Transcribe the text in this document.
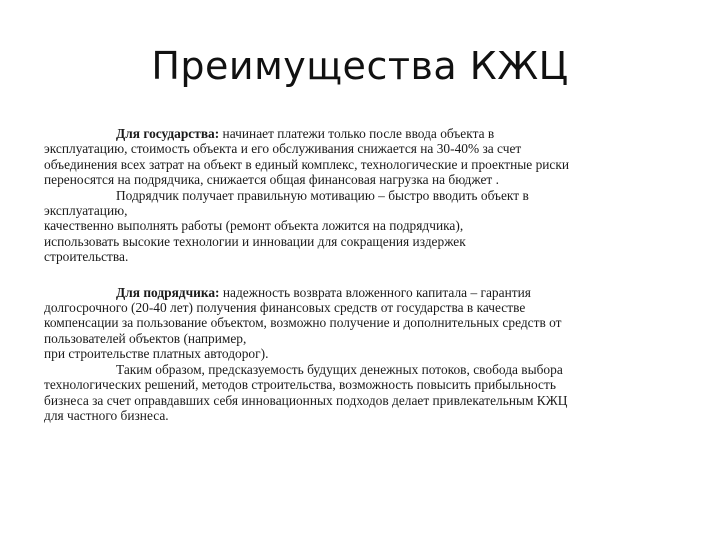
Преимущества КЖЦ
Для государства: начинает платежи только после ввода объекта в
эксплуатацию, стоимость объекта и его обслуживания снижается на 30-40% за счет
объединения всех затрат на объект в единый комплекс, технологические и проектные риски
переносятся на подрядчика, снижается общая финансовая нагрузка на бюджет .
Подрядчик получает правильную мотивацию – быстро вводить объект в
эксплуатацию,
качественно выполнять работы (ремонт объекта ложится на подрядчика),
использовать высокие технологии и инновации для сокращения издержек
строительства.
Для подрядчика: надежность возврата вложенного капитала – гарантия
долгосрочного (20-40 лет) получения финансовых средств от государства в качестве
компенсации за пользование объектом, возможно получение и дополнительных средств от
пользователей объектов (например,
при строительстве платных автодорог).
Таким образом, предсказуемость будущих денежных потоков, свобода выбора
технологических решений, методов строительства, возможность повысить прибыльность
бизнеса за счет оправдавших себя инновационных подходов делает привлекательным КЖЦ
для частного бизнеса.
